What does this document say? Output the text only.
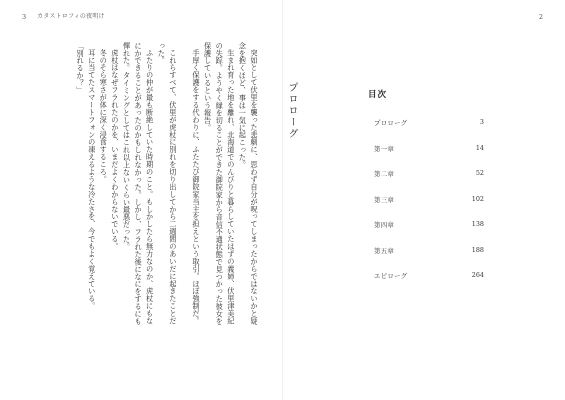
3 カタストロフィの夜明け

突如として伏里を襲った悲劇に、思わず自分が呪ってしまったからではないかと疑念を抱くほど、事は一気に起こった。

生まれ育った地を離れ、北海道でのんびりと暮らしていたはずの義姉、伏里津美紀の失踪。ようやく縁を切ることができた御院家から音信不通状態で見つかった彼女を保護しているという報告。

手厚く保護をする代わりに、ふたたび御院家当主を担えという取引。ほぼ強制だ。

これらすべて、伏里が虎杖に別れを切り出してから二週間のあいだに起きたことだった。

ふたりの仲が最も断絶していた時期のこと。もしかしたら無力なのか、虎杖にもなにかできることがあったのかもしれなかった。しかし、フラれた後になにをするにも憚れた。タイミングとしてはこれ以上ないくらい最悪だった。

虎杖はなぜフラれたのかを、いまだよくわからないでいる。

冬のそら寒さが体に深く浸食するころ。

耳に当てたスマートフォンの凍えるような冷たさを、今でもよく覚えている。

「別れるか？」

2
プロローグ	目次
プロローグ	3
第一章	14
第二章	52
第三章	102
第四章	138
第五章	188
エピローグ	264
